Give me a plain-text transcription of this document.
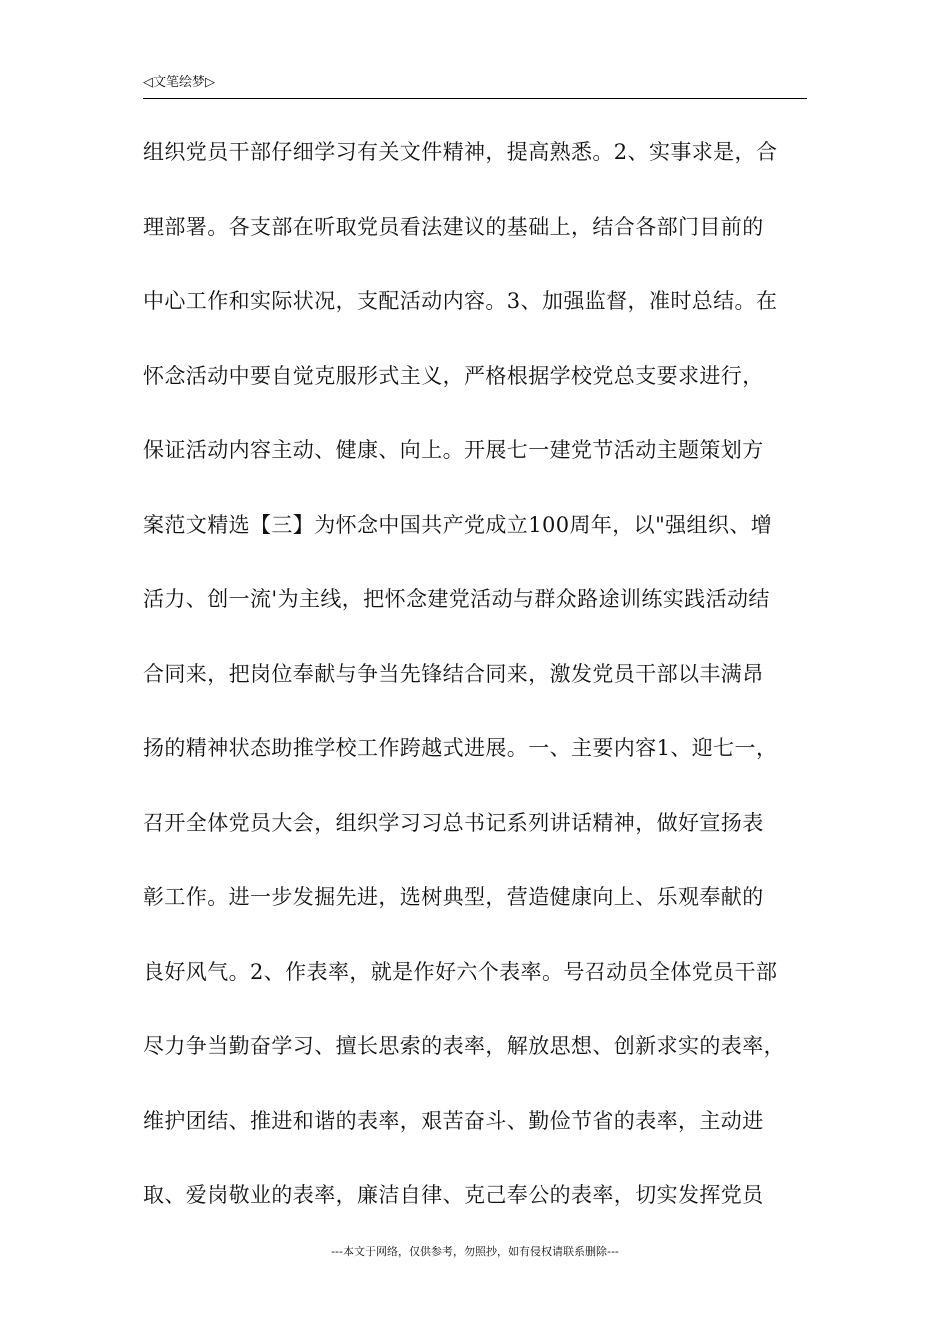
◁文笔绘梦▷
组织党员干部仔细学习有关文件精神，提高熟悉。2、实事求是，合
理部署。各支部在听取党员看法建议的基础上，结合各部门目前的
中心工作和实际状况，支配活动内容。3、加强监督，准时总结。在
怀念活动中要自觉克服形式主义，严格根据学校党总支要求进行，
保证活动内容主动、健康、向上。开展七一建党节活动主题策划方
案范文精选【三】为怀念中国共产党成立100周年，以"强组织、增
活力、创一流'为主线，把怀念建党活动与群众路途训练实践活动结
合同来，把岗位奉献与争当先锋结合同来，激发党员干部以丰满昂
扬的精神状态助推学校工作跨越式进展。一、主要内容1、迎七一，
召开全体党员大会，组织学习习总书记系列讲话精神，做好宣扬表
彰工作。进一步发掘先进，选树典型，营造健康向上、乐观奉献的
良好风气。2、作表率，就是作好六个表率。号召动员全体党员干部
尽力争当勤奋学习、擅长思索的表率，解放思想、创新求实的表率，
维护团结、推进和谐的表率，艰苦奋斗、勤俭节省的表率，主动进
取、爱岗敬业的表率，廉洁自律、克己奉公的表率，切实发挥党员
---本文于网络，仅供参考，勿照抄，如有侵权请联系删除---
